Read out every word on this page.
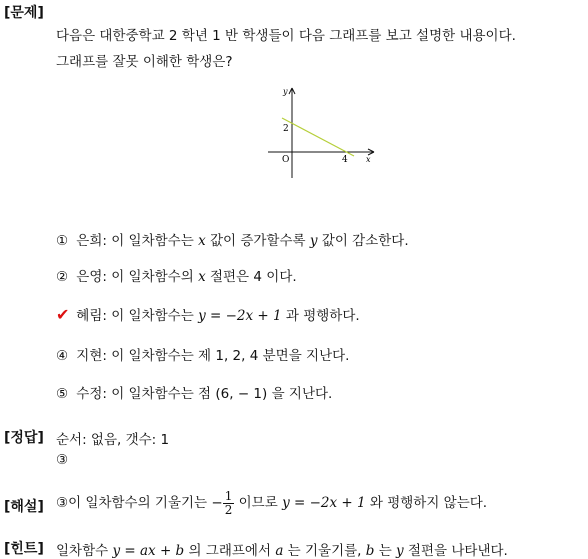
[문제]
다음은 대한중학교 2 학년 1 반 학생들이 다음 그래프를 보고 설명한 내용이다.
그래프를 잘못 이해한 학생은?
y
x
O
2
4
① 은희: 이 일차함수는 x 값이 증가할수록 y 값이 감소한다.
② 은영: 이 일차함수의 x 절편은 4 이다.
✔ 혜림: 이 일차함수는 y = −2x + 1 과 평행하다.
④ 지현: 이 일차함수는 제 1, 2, 4 분면을 지난다.
⑤ 수정: 이 일차함수는 점 (6, − 1) 을 지난다.
[정답] 순서: 없음, 갯수: 1
③
[해설] ③이 일차함수의 기울기는 − $\frac{1}{2}$ 이므로 y = −2x + 1 와 평행하지 않는다.
[힌트] 일차함수 y = ax + b 의 그래프에서 a 는 기울기를, b 는 y 절편을 나타낸다.
